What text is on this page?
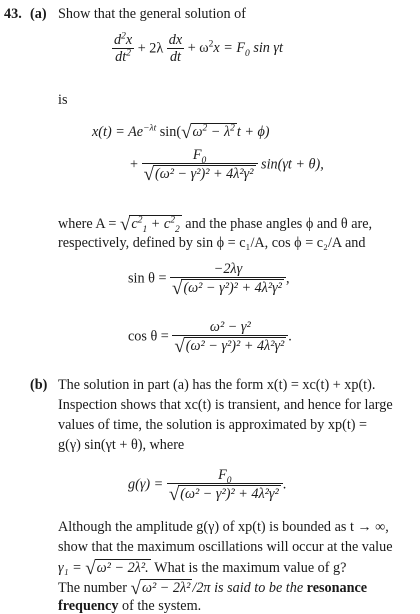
43. (a) Show that the general solution of
$\frac{d^2x}{dt^2} + 2\lambda \frac{dx}{dt} + \omega^2x = F_0$ sin γt
is
$x(t) = Ae^{-\lambda t}$ $\sin(√\omega^2 - \lambda^2$ t + ϕ)
+ $\frac{F_0}{\text{√(ω² − γ²)² + 4λ²γ²}} \sin(\gamma t + \theta)$,
where $A = √c^2_1 + c^2_2$ and the phase angles ϕ and θ are,
respectively, defined by sin ϕ = c₁/A, cos ϕ = c₂/A and
$\sin \theta = \frac{-2\lambda\gamma}{\text{√(ω² − γ²)² + 4λ²γ²}}$ ,
$\cos \theta = \frac{\text{ω² − γ²}}{\text{√(ω² − γ²)² + 4λ²γ²}}$ .
(b) The solution in part (a) has the form x(t) = xc(t) + xp(t).
Inspection shows that xc(t) is transient, and hence for large
values of time, the solution is approximated by xp(t) =
g(γ) sin(γt + θ), where
$g(\gamma) = \frac{F_0}{\text{√(ω² − γ²)² + 4λ²γ²}}$ .
Although the amplitude g(γ) of xp(t) is bounded as t → ∞,
show that the maximum oscillations will occur at the value
γ₁ = √ω² − 2λ². What is the maximum value of g?
The number √ω² − 2λ² /2π is said to be the resonance
frequency of the system.
